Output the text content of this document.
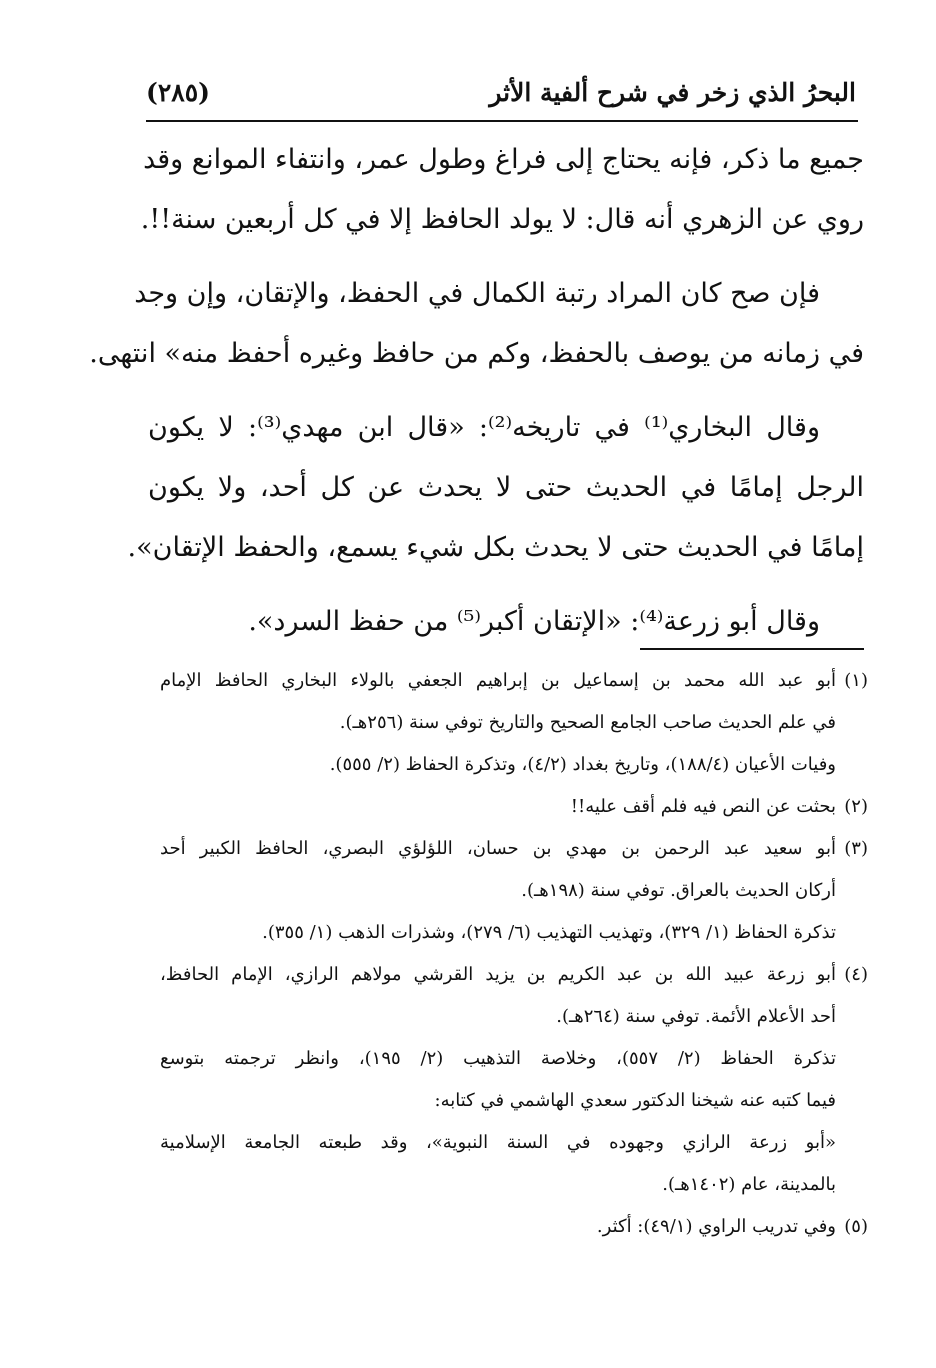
البحرُ الذي زخر في شرح ألفية الأثر
(٢٨٥)
جميع ما ذكر، فإنه يحتاج إلى فراغ وطول عمر، وانتفاء الموانع وقد
روي عن الزهري أنه قال: لا يولد الحافظ إلا في كل أربعين سنة!!.
فإن صح كان المراد رتبة الكمال في الحفظ، والإتقان، وإن وجد
في زمانه من يوصف بالحفظ، وكم من حافظ وغيره أحفظ منه» انتهى.
وقال البخاري⁽¹⁾ في تاريخه⁽²⁾: «قال ابن مهدي⁽³⁾: لا يكون
الرجل إمامًا في الحديث حتى لا يحدث عن كل أحد، ولا يكون
إمامًا في الحديث حتى لا يحدث بكل شيء يسمع، والحفظ الإتقان».
وقال أبو زرعة⁽⁴⁾: «الإتقان أكبر⁽⁵⁾ من حفظ السرد».
(١)أبو عبد الله محمد بن إسماعيل بن إبراهيم الجعفي بالولاء البخاري الحافظ الإمام
في علم الحديث صاحب الجامع الصحيح والتاريخ توفي سنة (٢٥٦هـ).
وفيات الأعيان (١٨٨/٤)، وتاريخ بغداد (٤/٢)، وتذكرة الحفاظ (٢/ ٥٥٥).
(٢)بحثت عن النص فيه فلم أقف عليه!!
(٣)أبو سعيد عبد الرحمن بن مهدي بن حسان، اللؤلؤي البصري، الحافظ الكبير أحد
أركان الحديث بالعراق. توفي سنة (١٩٨هـ).
تذكرة الحفاظ (١/ ٣٢٩)، وتهذيب التهذيب (٦/ ٢٧٩)، وشذرات الذهب (١/ ٣٥٥).
(٤)أبو زرعة عبيد الله بن عبد الكريم بن يزيد القرشي مولاهم الرازي، الإمام الحافظ،
أحد الأعلام الأئمة. توفي سنة (٢٦٤هـ).
تذكرة الحفاظ (٢/ ٥٥٧)، وخلاصة التذهيب (٢/ ١٩٥)، وانظر ترجمته بتوسع
فيما كتبه عنه شيخنا الدكتور سعدي الهاشمي في كتابه:
«أبو زرعة الرازي وجهوده في السنة النبوية»، وقد طبعته الجامعة الإسلامية
بالمدينة، عام (١٤٠٢هـ).
(٥)وفي تدريب الراوي (٤٩/١): أكثر.
